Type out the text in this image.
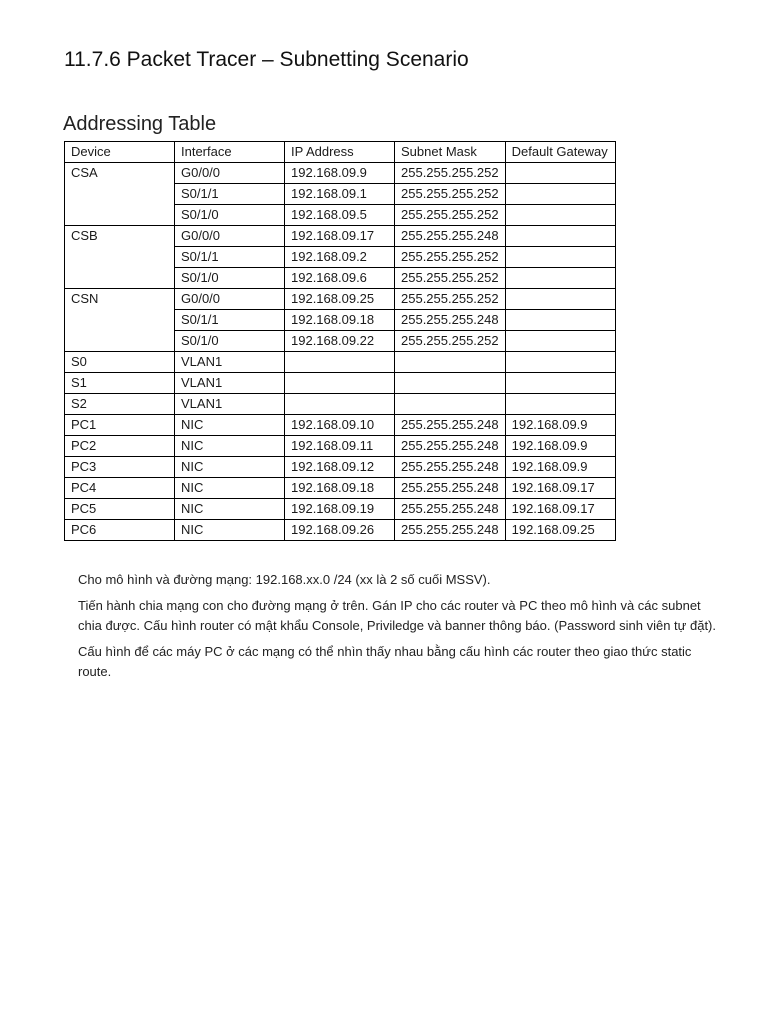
11.7.6 Packet Tracer – Subnetting Scenario
Addressing Table
Device	Interface	IP Address	Subnet Mask	Default Gateway
CSA	G0/0/0	192.168.09.9	255.255.255.252	
	S0/1/1	192.168.09.1	255.255.255.252	
	S0/1/0	192.168.09.5	255.255.255.252	
CSB	G0/0/0	192.168.09.17	255.255.255.248	
	S0/1/1	192.168.09.2	255.255.255.252	
	S0/1/0	192.168.09.6	255.255.255.252	
CSN	G0/0/0	192.168.09.25	255.255.255.252	
	S0/1/1	192.168.09.18	255.255.255.248	
	S0/1/0	192.168.09.22	255.255.255.252	
S0	VLAN1			
S1	VLAN1			
S2	VLAN1			
PC1	NIC	192.168.09.10	255.255.255.248	192.168.09.9
PC2	NIC	192.168.09.11	255.255.255.248	192.168.09.9
PC3	NIC	192.168.09.12	255.255.255.248	192.168.09.9
PC4	NIC	192.168.09.18	255.255.255.248	192.168.09.17
PC5	NIC	192.168.09.19	255.255.255.248	192.168.09.17
PC6	NIC	192.168.09.26	255.255.255.248	192.168.09.25

Cho mô hình và đường mạng: 192.168.xx.0 /24 (xx là 2 số cuối MSSV).

Tiến hành chia mạng con cho đường mạng ở trên. Gán IP cho các router và PC theo mô hình và các subnet chia được. Cấu hình router có mật khẩu Console, Priviledge và banner thông báo. (Password sinh viên tự đặt).

Cấu hình để các máy PC ở các mạng có thể nhìn thấy nhau bằng cấu hình các router theo giao thức static route.
